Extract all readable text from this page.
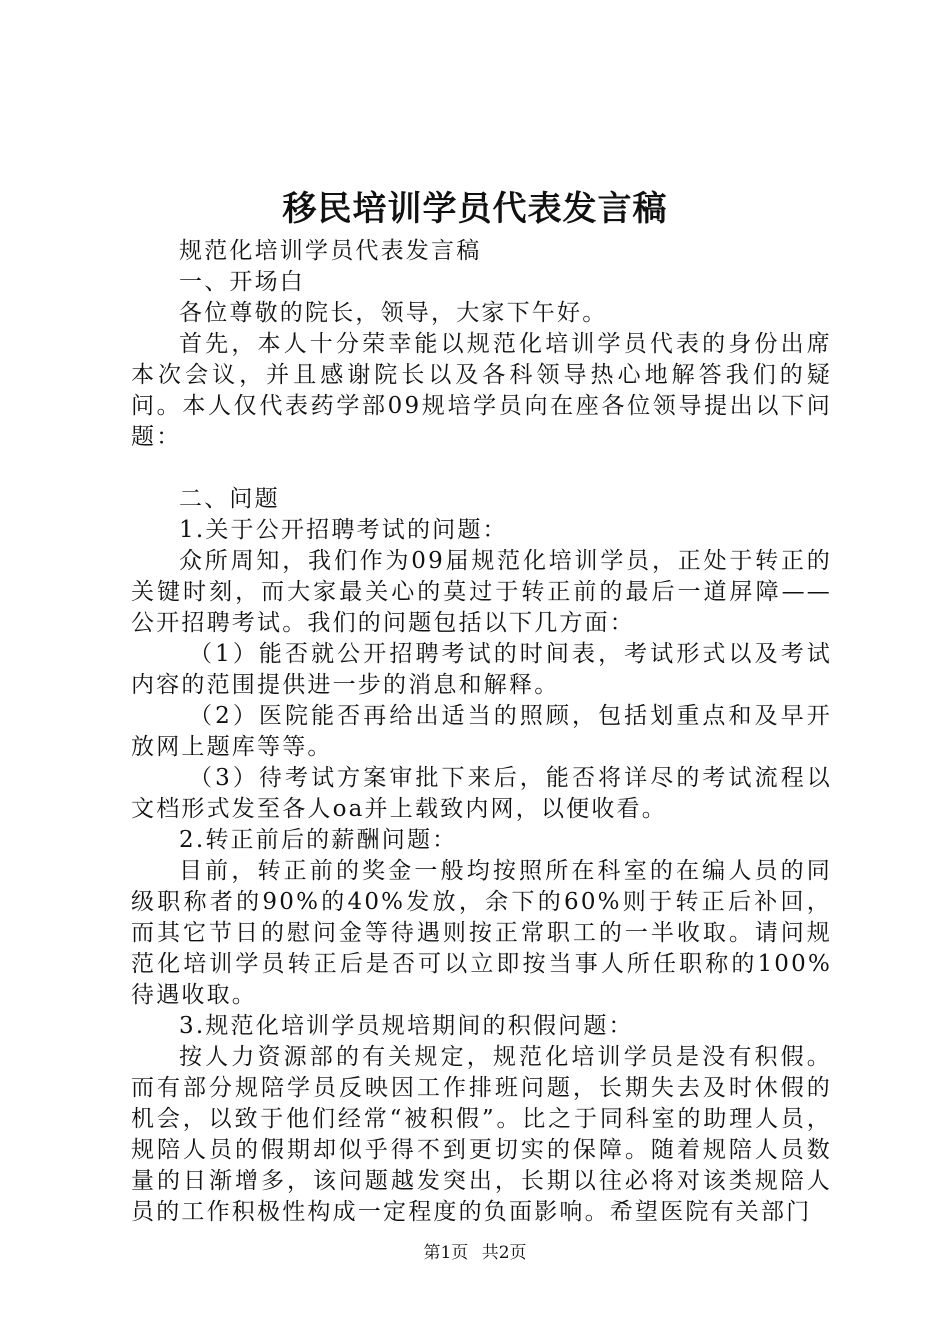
移民培训学员代表发言稿

规范化培训学员代表发言稿

一、开场白

各位尊敬的院长，领导，大家下午好。

首先，本人十分荣幸能以规范化培训学员代表的身份出席本次会议，并且感谢院长以及各科领导热心地解答我们的疑问。本人仅代表药学部09规培学员向在座各位领导提出以下问题：

二、问题

1.关于公开招聘考试的问题：

众所周知，我们作为09届规范化培训学员，正处于转正的关键时刻，而大家最关心的莫过于转正前的最后一道屏障——公开招聘考试。我们的问题包括以下几方面：

（1）能否就公开招聘考试的时间表，考试形式以及考试内容的范围提供进一步的消息和解释。

（2）医院能否再给出适当的照顾，包括划重点和及早开放网上题库等等。

（3）待考试方案审批下来后，能否将详尽的考试流程以文档形式发至各人oa并上载致内网，以便收看。

2.转正前后的薪酬问题：

目前，转正前的奖金一般均按照所在科室的在编人员的同级职称者的90%的40%发放，余下的60%则于转正后补回，而其它节日的慰问金等待遇则按正常职工的一半收取。请问规范化培训学员转正后是否可以立即按当事人所任职称的100%待遇收取。

3.规范化培训学员规培期间的积假问题：

按人力资源部的有关规定，规范化培训学员是没有积假。而有部分规陪学员反映因工作排班问题，长期失去及时休假的机会，以致于他们经常“被积假”。比之于同科室的助理人员，规陪人员的假期却似乎得不到更切实的保障。随着规陪人员数量的日渐增多，该问题越发突出，长期以往必将对该类规陪人员的工作积极性构成一定程度的负面影响。希望医院有关部门

第1页 共2页
